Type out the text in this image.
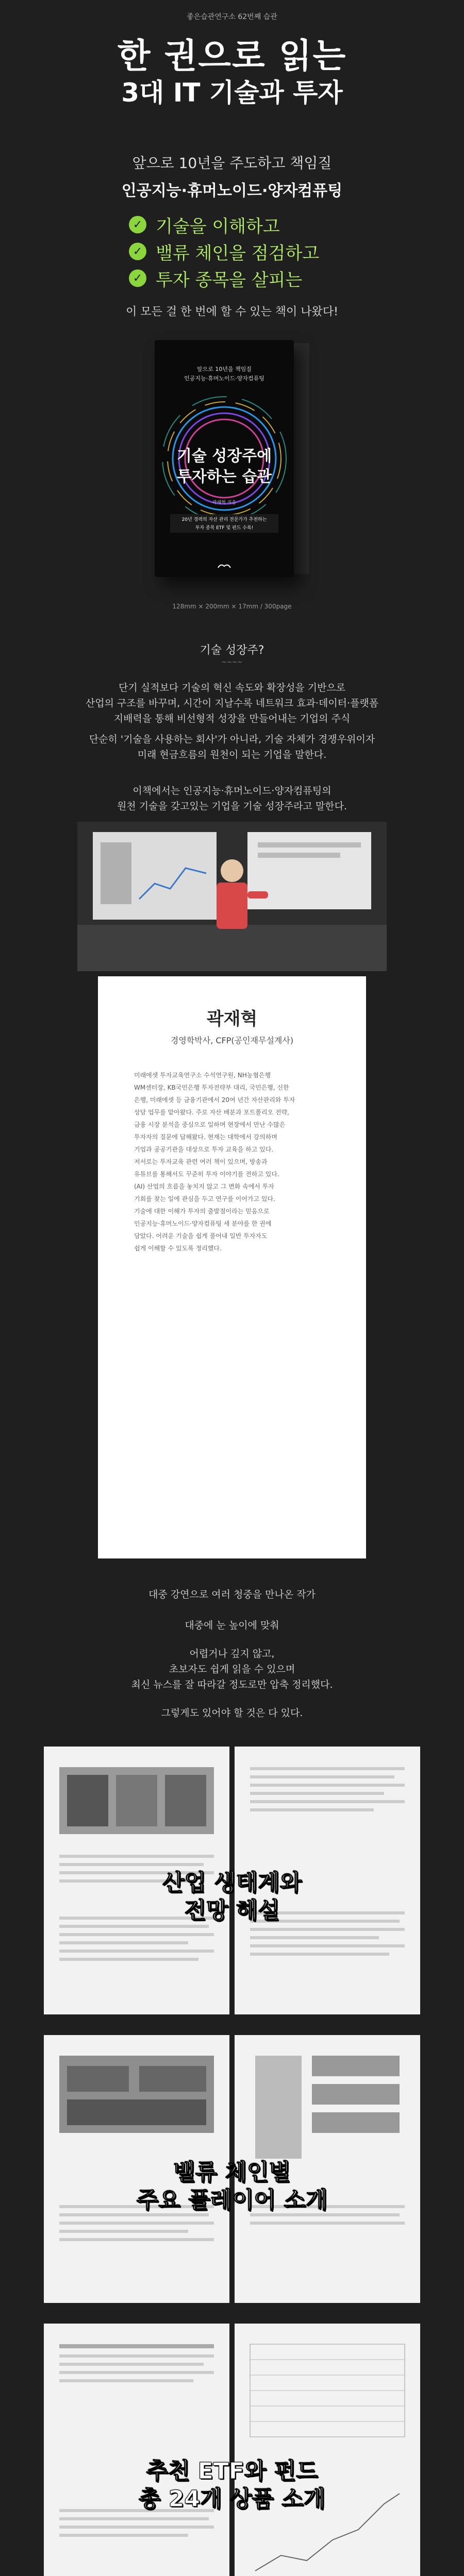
좋은습관연구소 62번째 습관
한 권으로 읽는
3대 IT 기술과 투자
앞으로 10년을 주도하고 책임질
인공지능·휴머노이드·양자컴퓨팅
✓ 기술을 이해하고
✓ 밸류 체인을 점검하고
✓ 투자 종목을 살피는
이 모든 걸 한 번에 할 수 있는 책이 나왔다!
앞으로 10년을 책임질
인공지능·휴머노이드·양자컴퓨팅
기술 성장주에
투자하는 습관
곽재혁 지음
20년 경력의 자산 관리 전문가가 추천하는
투자 종목 ETF 및 펀드 수록!
128mm × 200mm × 17mm / 300page
기술 성장주?
~~~~
단기 실적보다 기술의 혁신 속도와 확장성을 기반으로
산업의 구조를 바꾸며, 시간이 지날수록 네트워크 효과·데이터·플랫폼
지배력을 통해 비선형적 성장을 만들어내는 기업의 주식
단순히 '기술을 사용하는 회사'가 아니라, 기술 자체가 경쟁우위이자
미래 현금흐름의 원천이 되는 기업을 말한다.
이책에서는 인공지능·휴머노이드·양자컴퓨팅의
원천 기술을 갖고있는 기업을 기술 성장주라고 말한다.
곽재혁
경영학박사, CFP(공인재무설계사)
미래에셋 투자교육연구소 수석연구원, NH농협은행
WM센터장, KB국민은행 투자전략부 대리, 국민은행, 신한
은행, 미래에셋 등 금융기관에서 20여 년간 자산관리와 투자
상담 업무를 맡아왔다. 주로 자산 배분과 포트폴리오 전략,
금융 시장 분석을 중심으로 일하며 현장에서 만난 수많은
투자자의 질문에 답해왔다. 현재는 대학에서 강의하며
기업과 공공기관을 대상으로 투자 교육을 하고 있다.
저서로는 투자교육 관련 여러 책이 있으며, 방송과
유튜브를 통해서도 꾸준히 투자 이야기를 전하고 있다.
(AI) 산업의 흐름을 놓치지 않고 그 변화 속에서 투자
기회를 찾는 일에 관심을 두고 연구를 이어가고 있다.
기술에 대한 이해가 투자의 출발점이라는 믿음으로
인공지능·휴머노이드·양자컴퓨팅 세 분야를 한 권에
담았다. 어려운 기술을 쉽게 풀어내 일반 투자자도
쉽게 이해할 수 있도록 정리했다.
대중 강연으로 여러 청중을 만나온 작가
대중에 눈 높이에 맞춰
어렵거나 깊지 않고,
초보자도 쉽게 읽을 수 있으며
최신 뉴스를 잘 따라갈 정도로만 압축 정리했다.
그렇게도 있어야 할 것은 다 있다.
산업 생태계와
전망 해설
밸류 체인별
주요 플레이어 소개
추천 ETF와 펀드
총 24개 상품 소개
